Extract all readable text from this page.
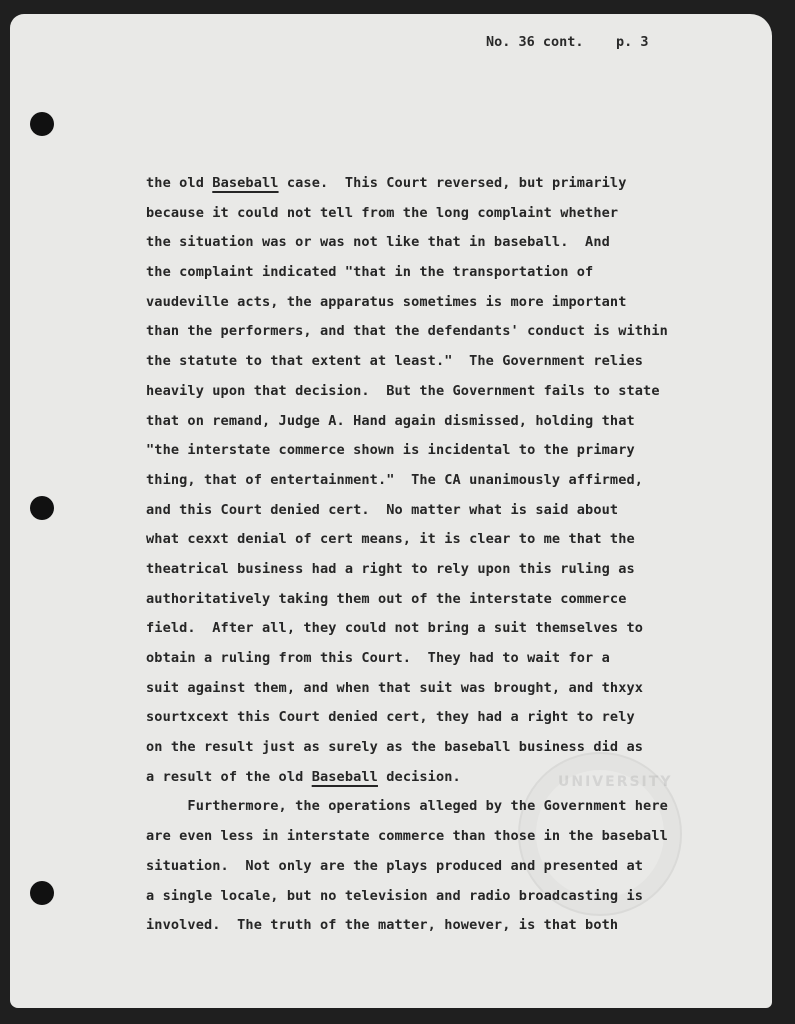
No. 36 cont.    p. 3
UNIVERSITY
the old Baseball case.  This Court reversed, but primarily
because it could not tell from the long complaint whether
the situation was or was not like that in baseball.  And
the complaint indicated "that in the transportation of
vaudeville acts, the apparatus sometimes is more important
than the performers, and that the defendants' conduct is within
the statute to that extent at least."  The Government relies
heavily upon that decision.  But the Government fails to state
that on remand, Judge A. Hand again dismissed, holding that
"the interstate commerce shown is incidental to the primary
thing, that of entertainment."  The CA unanimously affirmed,
and this Court denied cert.  No matter what is said about
what cexxt denial of cert means, it is clear to me that the
theatrical business had a right to rely upon this ruling as
authoritatively taking them out of the interstate commerce
field.  After all, they could not bring a suit themselves to
obtain a ruling from this Court.  They had to wait for a
suit against them, and when that suit was brought, and thxyx
sourtxcext this Court denied cert, they had a right to rely
on the result just as surely as the baseball business did as
a result of the old Baseball decision.
Furthermore, the operations alleged by the Government here
are even less in interstate commerce than those in the baseball
situation.  Not only are the plays produced and presented at
a single locale, but no television and radio broadcasting is
involved.  The truth of the matter, however, is that both
